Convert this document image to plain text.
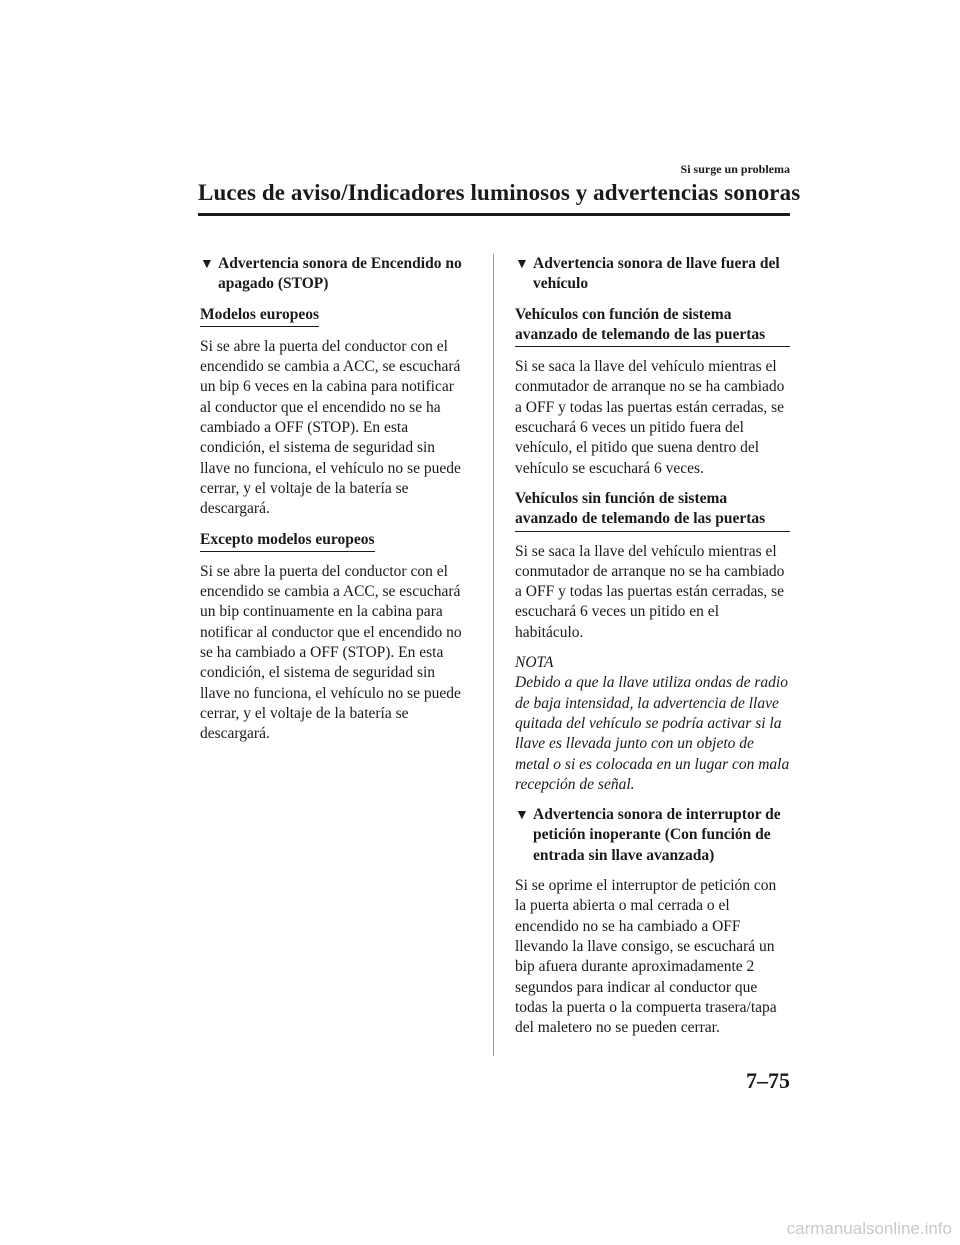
Si surge un problema
Luces de aviso/Indicadores luminosos y advertencias sonoras
▼ Advertencia sonora de Encendido no apagado (STOP)
Modelos europeos

Si se abre la puerta del conductor con el encendido se cambia a ACC, se escuchará un bip 6 veces en la cabina para notificar al conductor que el encendido no se ha cambiado a OFF (STOP). En esta condición, el sistema de seguridad sin llave no funciona, el vehículo no se puede cerrar, y el voltaje de la batería se descargará.

Excepto modelos europeos

Si se abre la puerta del conductor con el encendido se cambia a ACC, se escuchará un bip continuamente en la cabina para notificar al conductor que el encendido no se ha cambiado a OFF (STOP). En esta condición, el sistema de seguridad sin llave no funciona, el vehículo no se puede cerrar, y el voltaje de la batería se descargará.

▼ Advertencia sonora de llave fuera del vehículo
Vehículos con función de sistema avanzado de telemando de las puertas

Si se saca la llave del vehículo mientras el conmutador de arranque no se ha cambiado a OFF y todas las puertas están cerradas, se escuchará 6 veces un pitido fuera del vehículo, el pitido que suena dentro del vehículo se escuchará 6 veces.

Vehículos sin función de sistema avanzado de telemando de las puertas

Si se saca la llave del vehículo mientras el conmutador de arranque no se ha cambiado a OFF y todas las puertas están cerradas, se escuchará 6 veces un pitido en el habitáculo.

NOTA

Debido a que la llave utiliza ondas de radio de baja intensidad, la advertencia de llave quitada del vehículo se podría activar si la llave es llevada junto con un objeto de metal o si es colocada en un lugar con mala recepción de señal.

▼ Advertencia sonora de interruptor de petición inoperante (Con función de entrada sin llave avanzada)

Si se oprime el interruptor de petición con la puerta abierta o mal cerrada o el encendido no se ha cambiado a OFF llevando la llave consigo, se escuchará un bip afuera durante aproximadamente 2 segundos para indicar al conductor que todas la puerta o la compuerta trasera/tapa del maletero no se pueden cerrar.

7–75
carmanualsonline.info
